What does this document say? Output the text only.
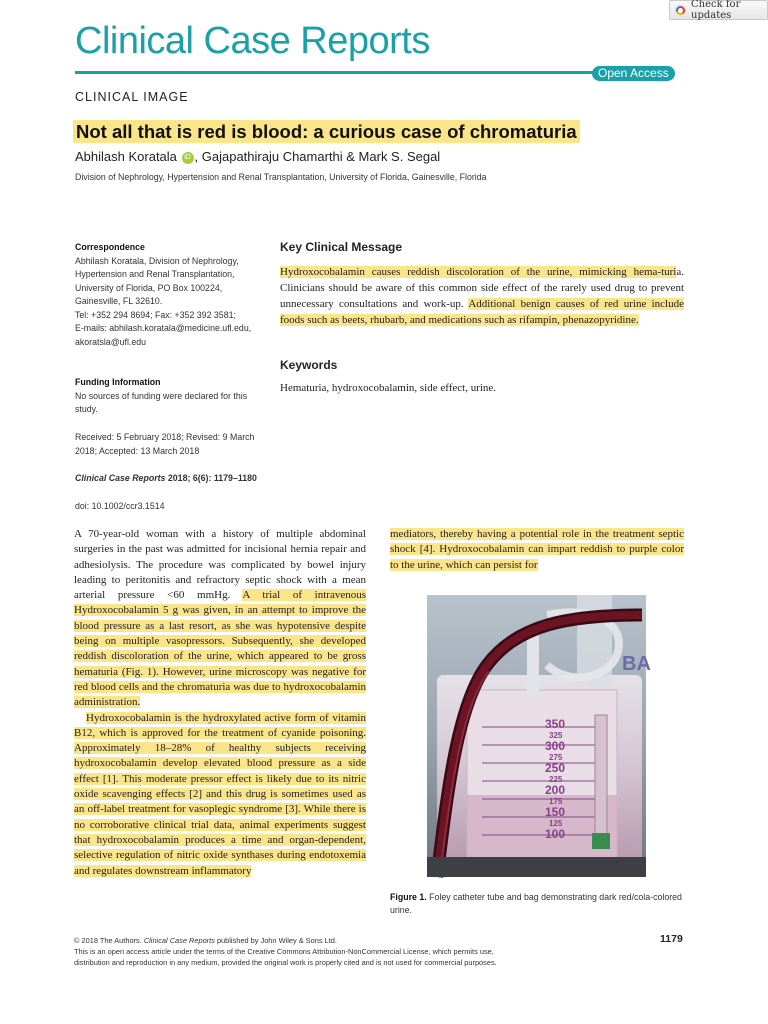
Check for updates
Clinical Case Reports
Open Access
CLINICAL IMAGE
Not all that is red is blood: a curious case of chromaturia
Abhilash Koratala iD , Gajapathiraju Chamarthi & Mark S. Segal
Division of Nephrology, Hypertension and Renal Transplantation, University of Florida, Gainesville, Florida
Correspondence
Abhilash Koratala, Division of Nephrology,
Hypertension and Renal Transplantation,
University of Florida, PO Box 100224,
Gainesville, FL 32610.
Tel: +352 294 8694; Fax: +352 392 3581;
E-mails: abhilash.koratala@medicine.ufl.edu,
akoratsla@ufl.edu
Funding Information
No sources of funding were declared for this
study.
Received: 5 February 2018; Revised: 9 March
2018; Accepted: 13 March 2018
Clinical Case Reports 2018; 6(6): 1179–1180
doi: 10.1002/ccr3.1514
Key Clinical Message
Hydroxocobalamin causes reddish discoloration of the urine, mimicking hema-turia. Clinicians should be aware of this common side effect of the rarely used drug to prevent unnecessary consultations and work-up. Additional benign causes of red urine include foods such as beets, rhubarb, and medications such as rifampin, phenazopyridine.
Keywords
Hematuria, hydroxocobalamin, side effect, urine.

A 70-year-old woman with a history of multiple abdominal surgeries in the past was admitted for incisional hernia repair and adhesiolysis. The procedure was complicated by bowel injury leading to peritonitis and refractory septic shock with a mean arterial pressure <60 mmHg. A trial of intravenous Hydroxocobalamin 5 g was given, in an attempt to improve the blood pressure as a last resort, as she was hypotensive despite being on multiple vasopressors. Subsequently, she developed reddish discoloration of the urine, which appeared to be gross hematuria (Fig. 1). However, urine microscopy was negative for red blood cells and the chromaturia was due to hydroxocobalamin administration.

Hydroxocobalamin is the hydroxylated active form of vitamin B12, which is approved for the treatment of cyanide poisoning. Approximately 18–28% of healthy subjects receiving hydroxocobalamin develop elevated blood pressure as a side effect [1]. This moderate pressor effect is likely due to its nitric oxide scavenging effects [2] and this drug is sometimes used as an off-label treatment for vasoplegic syndrome [3]. While there is no corroborative clinical trial data, animal experiments suggest that hydroxocobalamin produces a time and organ-dependent, selective regulation of nitric oxide synthases during endotoxemia and regulates downstream inflammatory

mediators, thereby having a potential role in the treatment septic shock [4]. Hydroxocobalamin can impart reddish to purple color to the urine, which can persist for

350
325
300
275
250
225
200
175
150
125
100
BA
Figure 1. Foley catheter tube and bag demonstrating dark red/cola-colored urine.
© 2018 The Authors. Clinical Case Reports published by John Wiley & Sons Ltd.
This is an open access article under the terms of the Creative Commons Attribution-NonCommercial License, which permits use,
distribution and reproduction in any medium, provided the original work is properly cited and is not used for commercial purposes.
1179
